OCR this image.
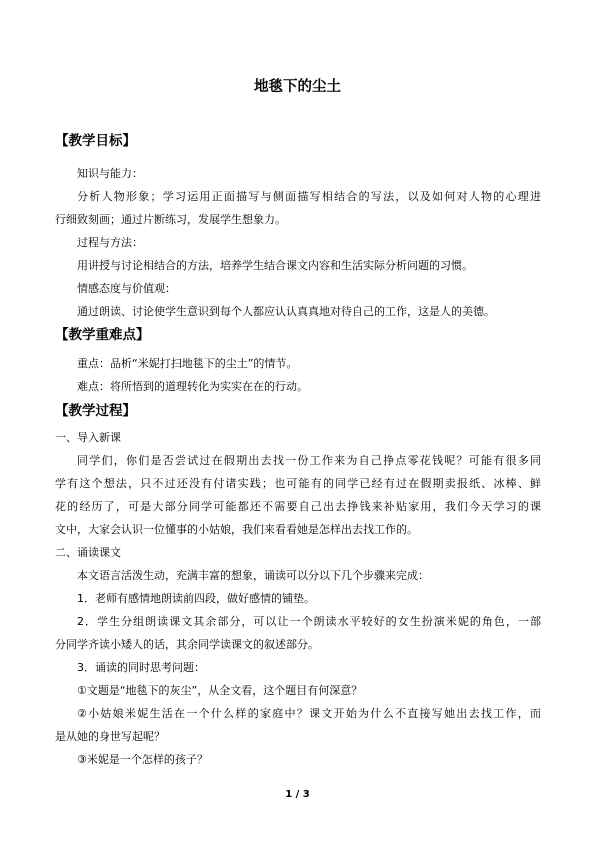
地毯下的尘土
【教学目标】
知识与能力：
分析人物形象；学习运用正面描写与侧面描写相结合的写法，以及如何对人物的心理进
行细致刻画；通过片断练习，发展学生想象力。
过程与方法：
用讲授与讨论相结合的方法，培养学生结合课文内容和生活实际分析问题的习惯。
情感态度与价值观：
通过朗读、讨论使学生意识到每个人都应认认真真地对待自己的工作，这是人的美德。
【教学重难点】
重点：品析“米妮打扫地毯下的尘土”的情节。
难点：将所悟到的道理转化为实实在在的行动。
【教学过程】
一、导入新课
同学们，你们是否尝试过在假期出去找一份工作来为自己挣点零花钱呢？可能有很多同
学有这个想法，只不过还没有付诸实践；也可能有的同学已经有过在假期卖报纸、冰棒、鲜
花的经历了，可是大部分同学可能都还不需要自己出去挣钱来补贴家用，我们今天学习的课
文中，大家会认识一位懂事的小姑娘，我们来看看她是怎样出去找工作的。
二、诵读课文
本文语言活泼生动，充满丰富的想象，诵读可以分以下几个步骤来完成：
1．老师有感情地朗读前四段，做好感情的铺垫。
2．学生分组朗读课文其余部分，可以让一个朗读水平较好的女生扮演米妮的角色，一部
分同学齐读小矮人的话，其余同学读课文的叙述部分。
3．诵读的同时思考问题：
①文题是“地毯下的灰尘”，从全文看，这个题目有何深意？
②小姑娘米妮生活在一个什么样的家庭中？课文开始为什么不直接写她出去找工作，而
是从她的身世写起呢？
③米妮是一个怎样的孩子？
1 / 3
